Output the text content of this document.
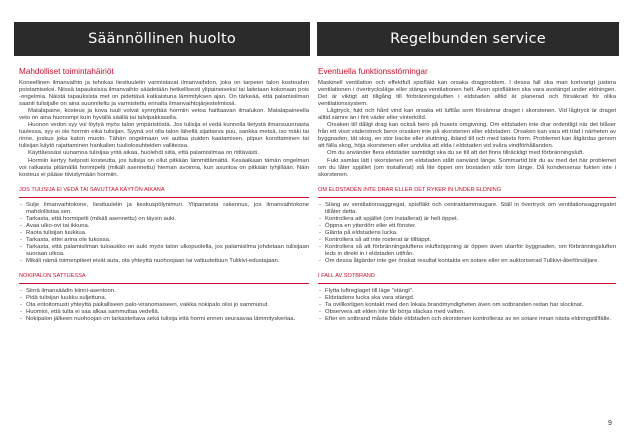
Säännöllinen huolto	Regelbunden service
Mahdolliset toimintahäiriöt

Koneellinen ilmanvaihto ja tehokas liesituuletin varmistavat ilmanvaihdon, joka on tarpeen talon kosteuden poistamiseksi. Niissä tapauksissa ilmanvaihto säädetään hetkellisesti ylipaineiseksi tai laitetaan kokonaan pois -ongelmia. Näistä tapauksista met on pidettävä katkaistuna lämmityksen ajan. On tärkeää, että palamisilman saanti tulisijalle on aina suunniteltu ja varmistettu ennalta ilmanvaihtojärjestelmissä.

Matalapaine, kosteus ja kova tuuli voivat synnyttää hormiin vetoa haittaavan ilmalukon. Matalapaineella veto on aina huonompi kuin hyvällä säällä tai talvipakkasella.

Huonon vedon syy voi löytyä myös talon ympäristöstä. Jos tulisija ei vedä kunnolla tietystä ilmansuunnasta tuulessa, syy ei ole hormin eikä tulisijan. Syynä voi olla talon lähellä sijaitseva puu, sankka metsä, iso mäki tai rinne, joskus joka katon muoto. Tähän ongelmaan voi auttaa puiden kaatamisen, piipun korottaminen tai tulisijan käytö rajattaminen hankalien tuuliolosuhteiden vallitessa.

Käyttäessäsi uunamoa tulisijaa yritä aikaa, huolehdi siitä, että palamisilmaa on riittävästi.

Hormiin kertyy helposti kosteutta, jos tulisija on ollut pitkään lämmittämättä. Kesäaikaan tämän ongelman voi ratkaista pitämällä hormipelti (mikäli asennettu) hieman avoinna, kun asuntoa on pitkään tyhjillään. Näin kosteus ei pääse tiivistymään hormiin.

JOS TULISIJA EI VEDÄ TAI SAVUTTAA KÄYTÖN AIKANA
- Sulje ilmanvaihtokone, liesituuletin ja keskuspölynimuri. Ylipaineista rakennus, jos ilmanvaihtokone mahdollistaa sen.
- Tarkasta, että hormipelti (mikäli asennettu) on täysin auki.
- Avaa ulko-ovi tai ikkuna.
- Raota tulisijan luukkua.
- Tarkasta, ettei arina ole tukossa.
- Tarkasta, että palamisilman tuloaukko on auki myös talon ulkopuolella, jos palamisilma johdetaan tulisijaan suoraan ulkoa.
- Mikäli nämä toimenpiteet eivät auta, ota yhteyttä nuohoojaan tai valtuutettuun Tulikivi-edustajaan.
NOKIPALON SATTUESSA
- Siirrä ilmansäädin kiinni-asentoon.
- Pidä tulisijan luukku suljettuna.
- Ota eritoitomusti yhteyttä paikalliseen palo-viranomaiseen, vaikka nokipalo olisi jo sammunut.
- Huomioi, että tulta ei saa alkaa sammuttaa vedellä.
- Nokipalon jälkeen nuohoojan on tarkastettava sekä tulisija että hormi ennen seuraavaa lämmityskertaa.
Eventuella funktionsstörningar

Maskinell ventilation och effektfull spisfläkt kan orsaka dragproblem. I dessa fall ska man kortvarigt justera ventilationen i övertrycksläge eller stänga ventilationen helt. Även spisfläkten ska vara avstängd under eldningen. Det är viktigt att tillgång till förbränningsluften i eldstaden alltid är planerad och försäkrad för olika ventilationssystem.

Lågtryck, fukt och hård vind kan orsaka ett luftlås som försämrar draget i skorstenen. Vid lågtryck är draget alltid sämre än i fint väder eller vinterköld.

Orsaken till dåligt drag kan också bero på husets omgivning. Om eldstaden inte drar ordentligt när det blåser från ett visst väderstreck beror orsaken inte på skorstenen eller eldstaden. Orsaken kan vara ett träd i närheten av byggnaden, tät skog, en stor backe eller sluttning, ibland till och med takets form. Problemet kan åtgärdas genom att fälla skog, höja skorstenen eller undvika att elda i eldstaden vid svåra vindförhållanden.

Om du använder flera eldstäder samtidigt ska du se till att det finns tillräckligt med förbränningsluft.

Fukt samlas lätt i skorstenen om eldstaden stått oanvänd länge. Sommartid blir du av med det här problemet om du låter spjället (om installerat) stå lite öppet om bostaden står tom länge. Då kondenseras fukten inte i skorstenen.

OM ELDSTADEN INTE DRAR ELLER DET RYKER IN UNDER ELDNING
- Stäng av ventilationsaggregat, spisfläkt och centraldammsugare. Ställ in övertryck om ventilationsaggregatet tillåter detta.
- Kontrollera att spjället (om installerat) är helt öppet.
- Öppna en ytterdörr eller ett fönster.
- Glänta på eldstadens lucka.
- Kontrollera så att inte rosterat är tilltäppt.
- Kontrollera så att förbränningsluftens inluftsöppning är öppen även utanför byggnaden, om förbränningsluften leds in direkt in i eldstaden utifrån.
- Om dessa åtgärder inte ger önskat resultat kontakta en sotare eller en auktoriserad Tulikivi-återförsäljare.
I FALL AV SOTBRAND
- Flytta luftreglaget till läge "stängt".
- Eldstadens lucka ska vara stängd.
- Ta ovillkorligen kontakt med den lokala brandmyndigheten även om sotbranden redan har slocknat.
- Observera att elden inte får börja släckas med vatten.
- Efter en sotbrand måste både eldstaden och skorstenen kontrolleras av en sotare innan nästa eldningstillfälle.
9
